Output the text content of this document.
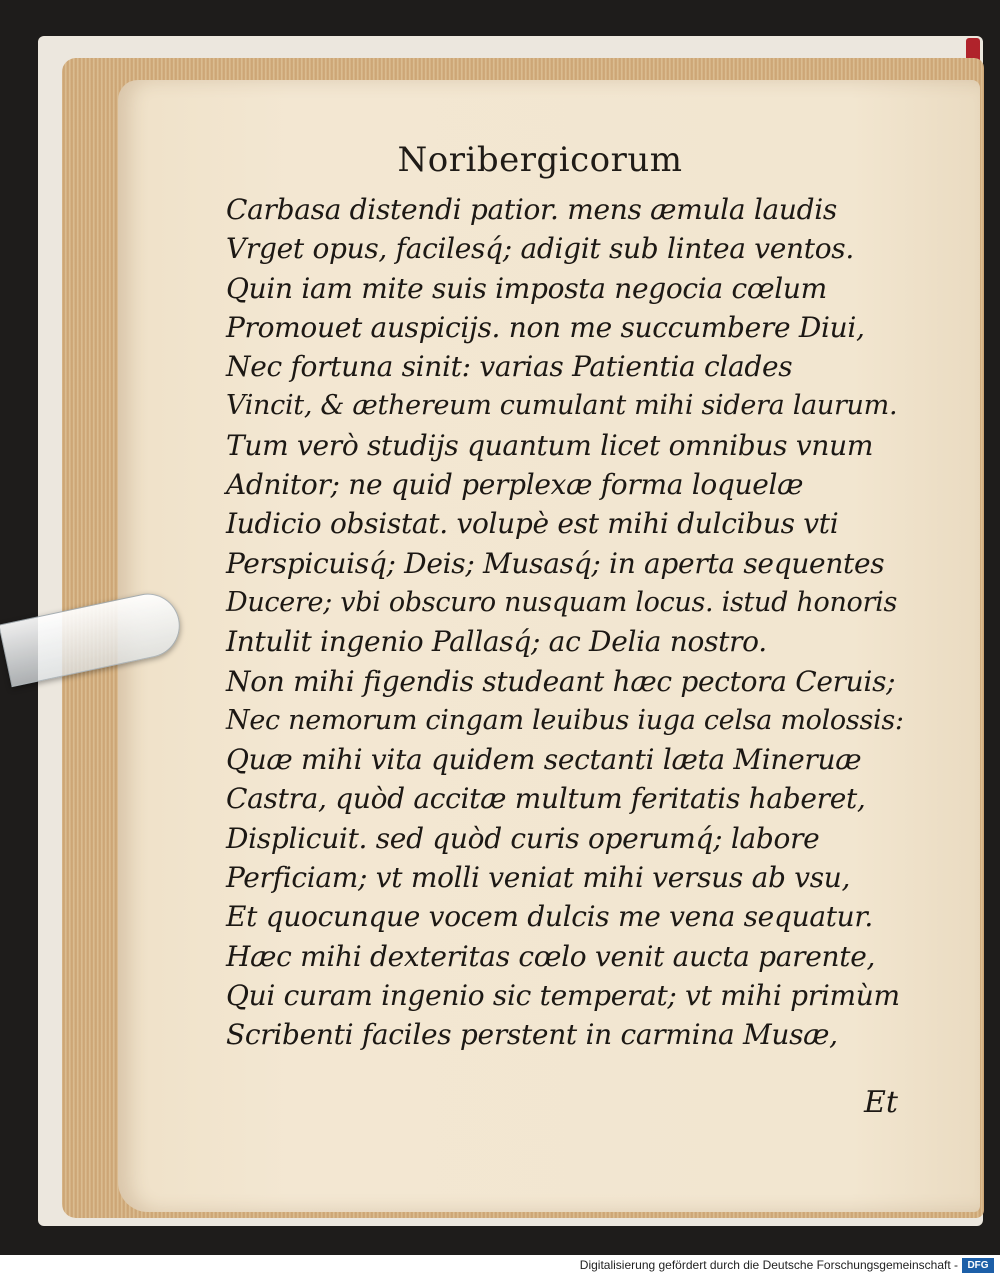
Noribergicorum
Carbasa distendi patior. mens æmula laudis
Vrget opus, facilesq́; adigit sub lintea ventos.
Quin iam mite suis imposta negocia cœlum
Promouet auspicijs. non me succumbere Diui,
Nec fortuna sinit: varias Patientia clades
Vincit, & æthereum cumulant mihi sidera laurum.
Tum verò studijs quantum licet omnibus vnum
Adnitor; ne quid perplexæ forma loquelæ
Iudicio obsistat. volupè est mihi dulcibus vti
Perspicuisq́; Deis; Musasq́; in aperta sequentes
Ducere; vbi obscuro nusquam locus. istud honoris
Intulit ingenio Pallasq́; ac Delia nostro.
Non mihi figendis studeant hæc pectora Ceruis;
Nec nemorum cingam leuibus iuga celsa molossis:
Quæ mihi vita quidem sectanti læta Mineruæ
Castra, quòd accitæ multum feritatis haberet,
Displicuit. sed quòd curis operumq́; labore
Perficiam; vt molli veniat mihi versus ab vsu,
Et quocunque vocem dulcis me vena sequatur.
Hæc mihi dexteritas cœlo venit aucta parente,
Qui curam ingenio sic temperat; vt mihi primùm
Scribenti faciles perstent in carmina Musæ,
Et
Digitalisierung gefördert durch die Deutsche Forschungsgemeinschaft - DFG
